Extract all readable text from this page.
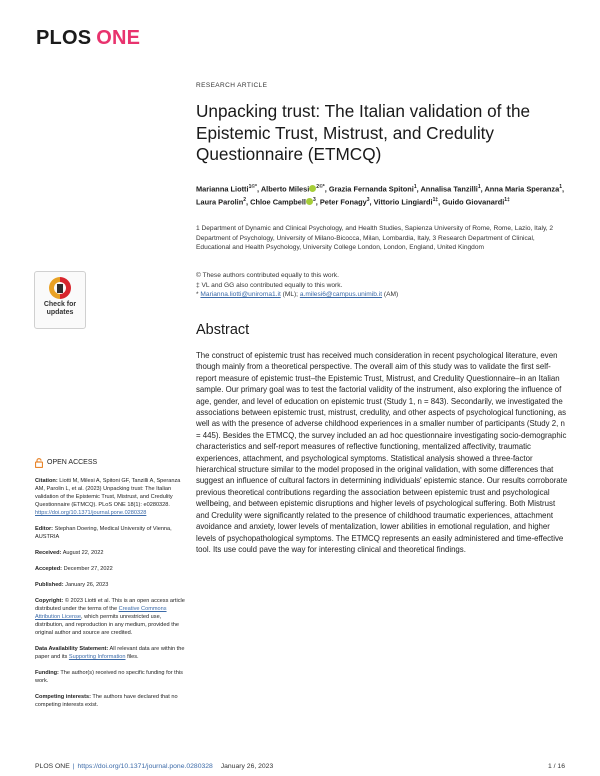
PLOS ONE
RESEARCH ARTICLE
Unpacking trust: The Italian validation of the Epistemic Trust, Mistrust, and Credulity Questionnaire (ETMCQ)
Marianna Liotti$^{1©*}$, Alberto Milesi $^{2©*}$, Grazia Fernanda Spitoni$^1$, Annalisa Tanzilli$^1$, Anna Maria Speranza$^1$, Laura Parolin$^2$, Chloe Campbell $^3$, Peter Fonagy$^3$, Vittorio Lingiardi$^{1\ddagger}$, Guido Giovanardi$^{1\ddagger}$
1 Department of Dynamic and Clinical Psychology, and Health Studies, Sapienza University of Rome, Rome, Lazio, Italy, 2 Department of Psychology, University of Milano-Bicocca, Milan, Lombardia, Italy, 3 Research Department of Clinical, Educational and Health Psychology, University College London, London, England, United Kingdom
© These authors contributed equally to this work.
‡ VL and GG also contributed equally to this work.
* Marianna.liotti@uniroma1.it (ML); a.milesi6@campus.unimib.it (AM)
Abstract

The construct of epistemic trust has received much consideration in recent psychological literature, even though mainly from a theoretical perspective. The overall aim of this study was to validate the first self-report measure of epistemic trust–the Epistemic Trust, Mistrust, and Credulity Questionnaire–in an Italian sample. Our primary goal was to test the factorial validity of the instrument, also exploring the influence of age, gender, and level of education on epistemic trust (Study 1, n = 843). Secondarily, we investigated the associations between epistemic trust, mistrust, credulity, and other aspects of psychological functioning, as well as with the presence of adverse childhood experiences in a smaller number of participants (Study 2, n = 445). Besides the ETMCQ, the survey included an ad hoc questionnaire investigating socio-demographic characteristics and self-report measures of reflective functioning, mentalized affectivity, traumatic experiences, attachment, and psychological symptoms. Statistical analysis showed a three-factor hierarchical structure similar to the model proposed in the original validation, with some differences that suggest an influence of cultural factors in determining individuals' epistemic stance. Our results corroborate previous theoretical contributions regarding the association between epistemic trust and psychological wellbeing, and between epistemic disruptions and higher levels of psychological suffering. Both Mistrust and Credulity were significantly related to the presence of childhood traumatic experiences, attachment avoidance and anxiety, lower levels of mentalization, lower abilities in emotional regulation, and higher levels of psychopathological symptoms. The ETMCQ represents an easily administered and time-effective tool. Its use could pave the way for interesting clinical and theoretical findings.

Check for updates
OPEN ACCESS

Citation: Liotti M, Milesi A, Spitoni GF, Tanzilli A, Speranza AM, Parolin L, et al. (2023) Unpacking trust: The Italian validation of the Epistemic Trust, Mistrust, and Credulity Questionnaire (ETMCQ). PLoS ONE 18(1): e0280328. https://doi.org/10.1371/journal.pone.0280328

Editor: Stephan Doering, Medical University of Vienna, AUSTRIA

Received: August 22, 2022

Accepted: December 27, 2022

Published: January 26, 2023

Copyright: © 2023 Liotti et al. This is an open access article distributed under the terms of the Creative Commons Attribution License, which permits unrestricted use, distribution, and reproduction in any medium, provided the original author and source are credited.

Data Availability Statement: All relevant data are within the paper and its Supporting Information files.

Funding: The author(s) received no specific funding for this work.

Competing interests: The authors have declared that no competing interests exist.

PLOS ONE | https://doi.org/10.1371/journal.pone.0280328 January 26, 2023	1 / 16
